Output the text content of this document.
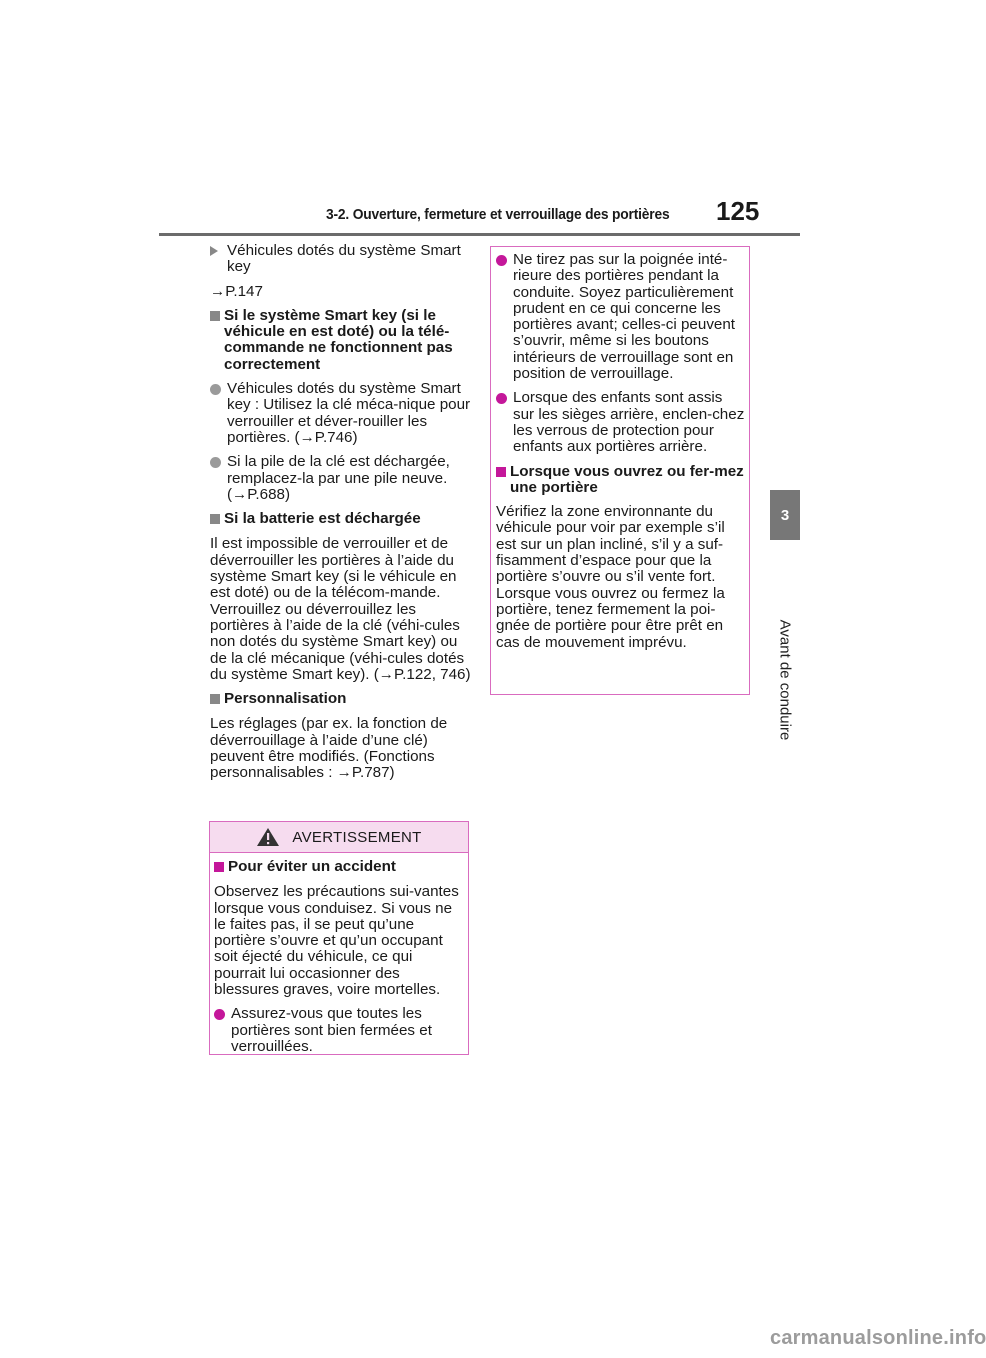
3-2. Ouverture, fermeture et verrouillage des portières 125
3
Avant de conduire
Véhicules dotés du système Smart key

→P.147

Si le système Smart key (si le véhicule en est doté) ou la télé-commande ne fonctionnent pas correctement
Véhicules dotés du système Smart key : Utilisez la clé méca-nique pour verrouiller et déver-rouiller les portières. (→P.746)
Si la pile de la clé est déchargée, remplacez-la par une pile neuve. (→P.688)
Si la batterie est déchargée

Il est impossible de verrouiller et de déverrouiller les portières à l’aide du système Smart key (si le véhicule en est doté) ou de la télécom-mande. Verrouillez ou déverrouillez les portières à l’aide de la clé (véhi-cules non dotés du système Smart key) ou de la clé mécanique (véhi-cules dotés du système Smart key). (→P.122, 746)

Personnalisation

Les réglages (par ex. la fonction de déverrouillage à l’aide d’une clé) peuvent être modifiés. (Fonctions personnalisables : →P.787)

AVERTISSEMENT
Pour éviter un accident

Observez les précautions sui-vantes lorsque vous conduisez. Si vous ne le faites pas, il se peut qu’une portière s’ouvre et qu’un occupant soit éjecté du véhicule, ce qui pourrait lui occasionner des blessures graves, voire mortelles.

Assurez-vous que toutes les portières sont bien fermées et verrouillées.
Ne tirez pas sur la poignée inté-rieure des portières pendant la conduite. Soyez particulièrement prudent en ce qui concerne les portières avant; celles-ci peuvent s’ouvrir, même si les boutons intérieurs de verrouillage sont en position de verrouillage.
Lorsque des enfants sont assis sur les sièges arrière, enclen-chez les verrous de protection pour enfants aux portières arrière.
Lorsque vous ouvrez ou fer-mez une portière

Vérifiez la zone environnante du véhicule pour voir par exemple s’il est sur un plan incliné, s’il y a suf-fisamment d’espace pour que la portière s’ouvre ou s’il vente fort. Lorsque vous ouvrez ou fermez la portière, tenez fermement la poi-gnée de portière pour être prêt en cas de mouvement imprévu.

carmanualsonline.info
